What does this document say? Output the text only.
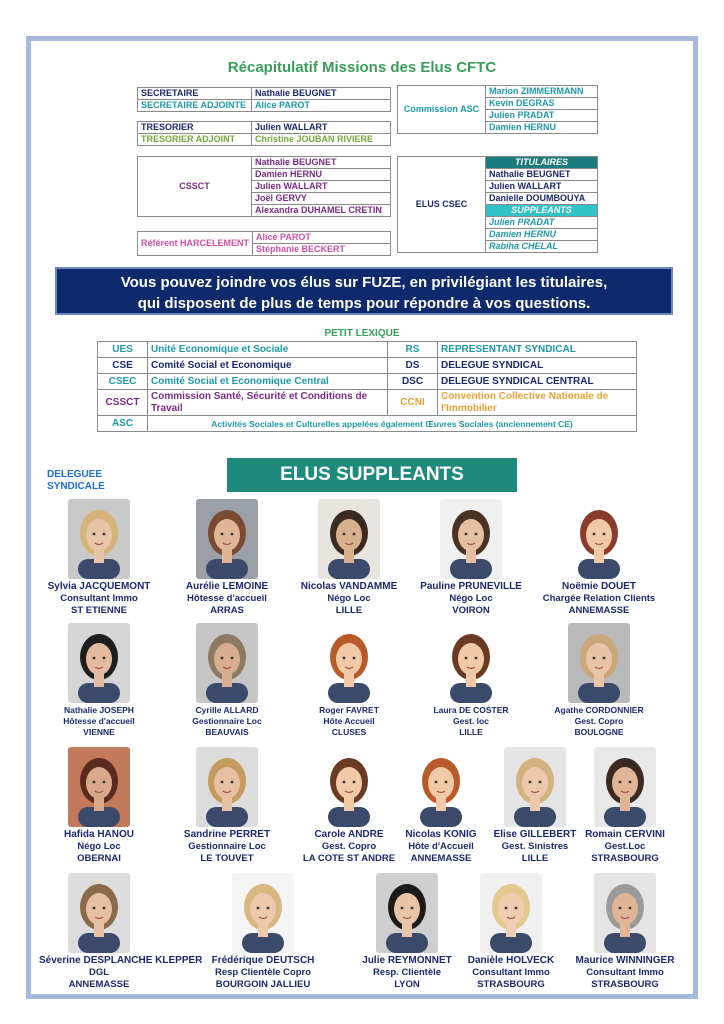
Récapitulatif Missions des Elus CFTC
SECRETAIRE	Nathalie BEUGNET
SECRETAIRE ADJOINTE	Alice PAROT
TRESORIER	Julien WALLART
TRESORIER ADJOINT	Christine JOUBAN RIVIERE
Commission ASC	Marion ZIMMERMANN
Kevin DEGRAS
Julien PRADAT
Damien HERNU
CSSCT	Nathalie BEUGNET
Damien HERNU
Julien WALLART
Joël GERVY
Alexandra DUHAMEL CRETIN
Référent HARCELEMENT	Alice PAROT
Stéphanie BECKERT
ELUS CSEC	TITULAIRES
Nathalie BEUGNET
Julien WALLART
Danielle DOUMBOUYA
SUPPLEANTS
Julien PRADAT
Damien HERNU
Rabiha CHELAL
Vous pouvez joindre vos élus sur FUZE, en privilégiant les titulaires,
qui disposent de plus de temps pour répondre à vos questions.
PETIT LEXIQUE
UES	Unité Economique et Sociale	RS	REPRESENTANT SYNDICAL
CSE	Comité Social et Economique	DS	DELEGUE SYNDICAL
CSEC	Comité Social et Economique Central	DSC	DELEGUE SYNDICAL CENTRAL
CSSCT	Commission Santé, Sécurité et Conditions de Travail	CCNI	Convention Collective Nationale de l'Immobilier
ASC	Activités Sociales et Culturelles appelées également Œuvres Sociales (anciennement CE)		
DELEGUEE
SYNDICALE
ELUS SUPPLEANTS
Sylvia JACQUEMONT
Consultant Immo
ST ETIENNE
Aurélie LEMOINE
Hôtesse d'accueil
ARRAS
Nicolas VANDAMME
Négo Loc
LILLE
Pauline PRUNEVILLE
Négo Loc
VOIRON
Noëmie DOUET
Chargée Relation Clients
ANNEMASSE
Nathalie JOSEPH
Hôtesse d'accueil
VIENNE
Cyrille ALLARD
Gestionnaire Loc
BEAUVAIS
Roger FAVRET
Hôte Accueil
CLUSES
Laura DE COSTER
Gest. loc
LILLE
Agathe CORDONNIER
Gest. Copro
BOULOGNE
Hafida HANOU
Négo Loc
OBERNAI
Sandrine PERRET
Gestionnaire Loc
LE TOUVET
Carole ANDRE
Gest. Copro
LA COTE ST ANDRE
Nicolas KONIG
Hôte d'Accueil
ANNEMASSE
Elise GILLEBERT
Gest. Sinistres
LILLE
Romain CERVINI
Gest.Loc
STRASBOURG
Séverine DESPLANCHE KLEPPER
DGL
ANNEMASSE
Frédérique DEUTSCH
Resp Clientèle Copro
BOURGOIN JALLIEU
Julie REYMONNET
Resp. Clientèle
LYON
Danièle HOLVECK
Consultant Immo
STRASBOURG
Maurice WINNINGER
Consultant Immo
STRASBOURG
